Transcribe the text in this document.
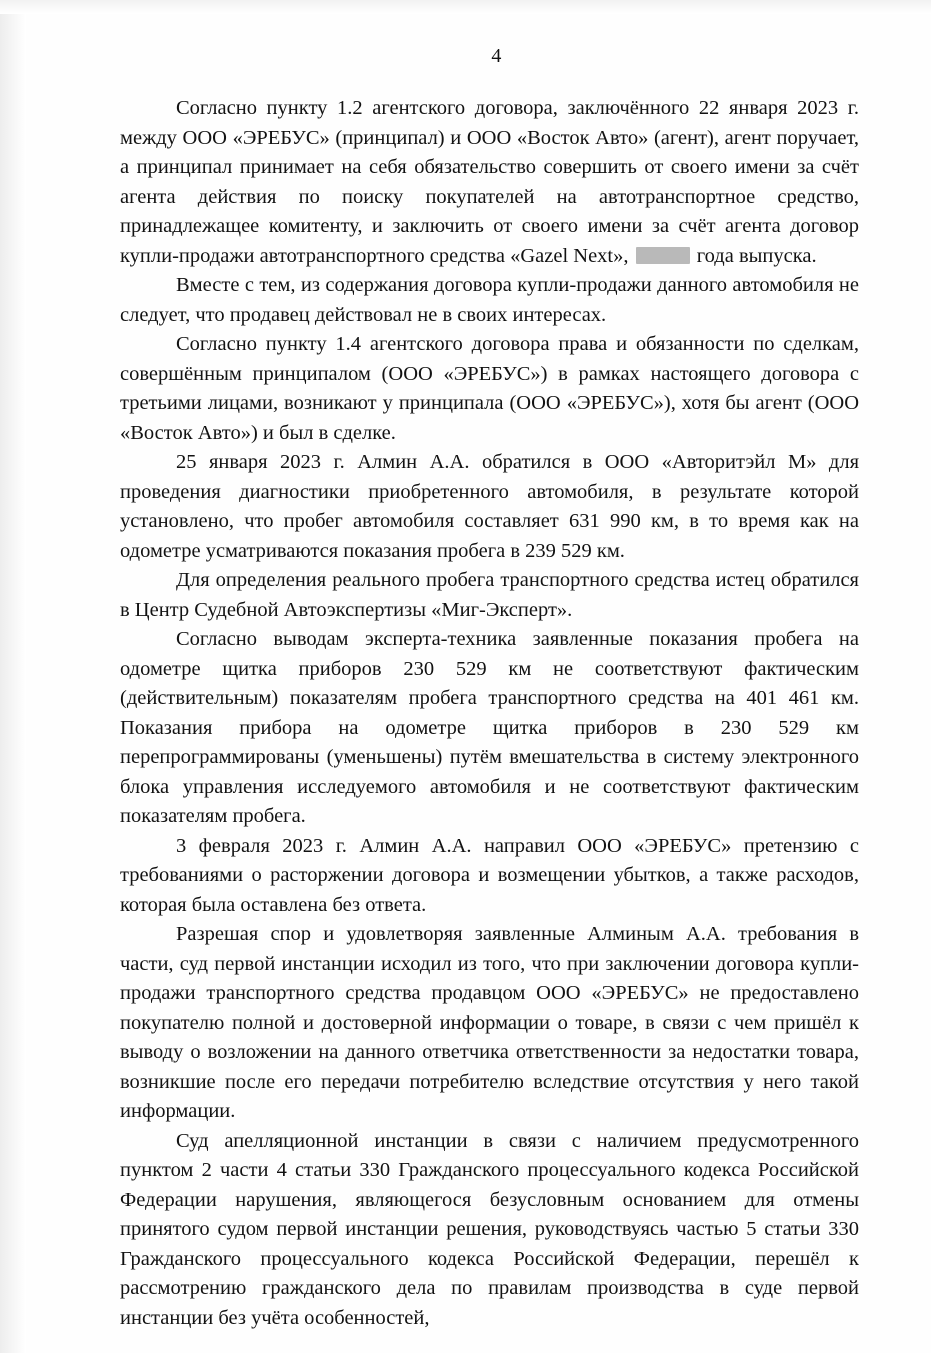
4

Согласно пункту 1.2 агентского договора, заключённого 22 января 2023 г. между ООО «ЭРЕБУС» (принципал) и ООО «Восток Авто» (агент), агент поручает, а принципал принимает на себя обязательство совершить от своего имени за счёт агента действия по поиску покупателей на автотранспортное средство, принадлежащее комитенту, и заключить от своего имени за счёт агента договор купли-продажи автотранспортного средства «Gazel Next»,	года выпуска.

Вместе с тем, из содержания договора купли-продажи данного автомобиля не следует, что продавец действовал не в своих интересах.

Согласно пункту 1.4 агентского договора права и обязанности по сделкам, совершённым принципалом (ООО «ЭРЕБУС») в рамках настоящего договора с третьими лицами, возникают у принципала (ООО «ЭРЕБУС»), хотя бы агент (ООО «Восток Авто») и был в сделке.

25 января 2023 г. Алмин А.А. обратился в ООО «Авторитэйл М» для проведения диагностики приобретенного автомобиля, в результате которой установлено, что пробег автомобиля составляет 631 990 км, в то время как на одометре усматриваются показания пробега в 239 529 км.

Для определения реального пробега транспортного средства истец обратился в Центр Судебной Автоэкспертизы «Миг-Эксперт».

Согласно выводам эксперта-техника заявленные показания пробега на одометре щитка приборов 230 529 км не соответствуют фактическим (действительным) показателям пробега транспортного средства на 401 461 км. Показания прибора на одометре щитка приборов в 230 529 км перепрограммированы (уменьшены) путём вмешательства в систему электронного блока управления исследуемого автомобиля и не соответствуют фактическим показателям пробега.

3 февраля 2023 г. Алмин А.А. направил ООО «ЭРЕБУС» претензию с требованиями о расторжении договора и возмещении убытков, а также расходов, которая была оставлена без ответа.

Разрешая спор и удовлетворяя заявленные Алминым А.А. требования в части, суд первой инстанции исходил из того, что при заключении договора купли-продажи транспортного средства продавцом ООО «ЭРЕБУС» не предоставлено покупателю полной и достоверной информации о товаре, в связи с чем пришёл к выводу о возложении на данного ответчика ответственности за недостатки товара, возникшие после его передачи потребителю вследствие отсутствия у него такой информации.

Суд апелляционной инстанции в связи с наличием предусмотренного пунктом 2 части 4 статьи 330 Гражданского процессуального кодекса Российской Федерации нарушения, являющегося безусловным основанием для отмены принятого судом первой инстанции решения, руководствуясь частью 5 статьи 330 Гражданского процессуального кодекса Российской Федерации, перешёл к рассмотрению гражданского дела по правилам производства в суде первой инстанции без учёта особенностей,
